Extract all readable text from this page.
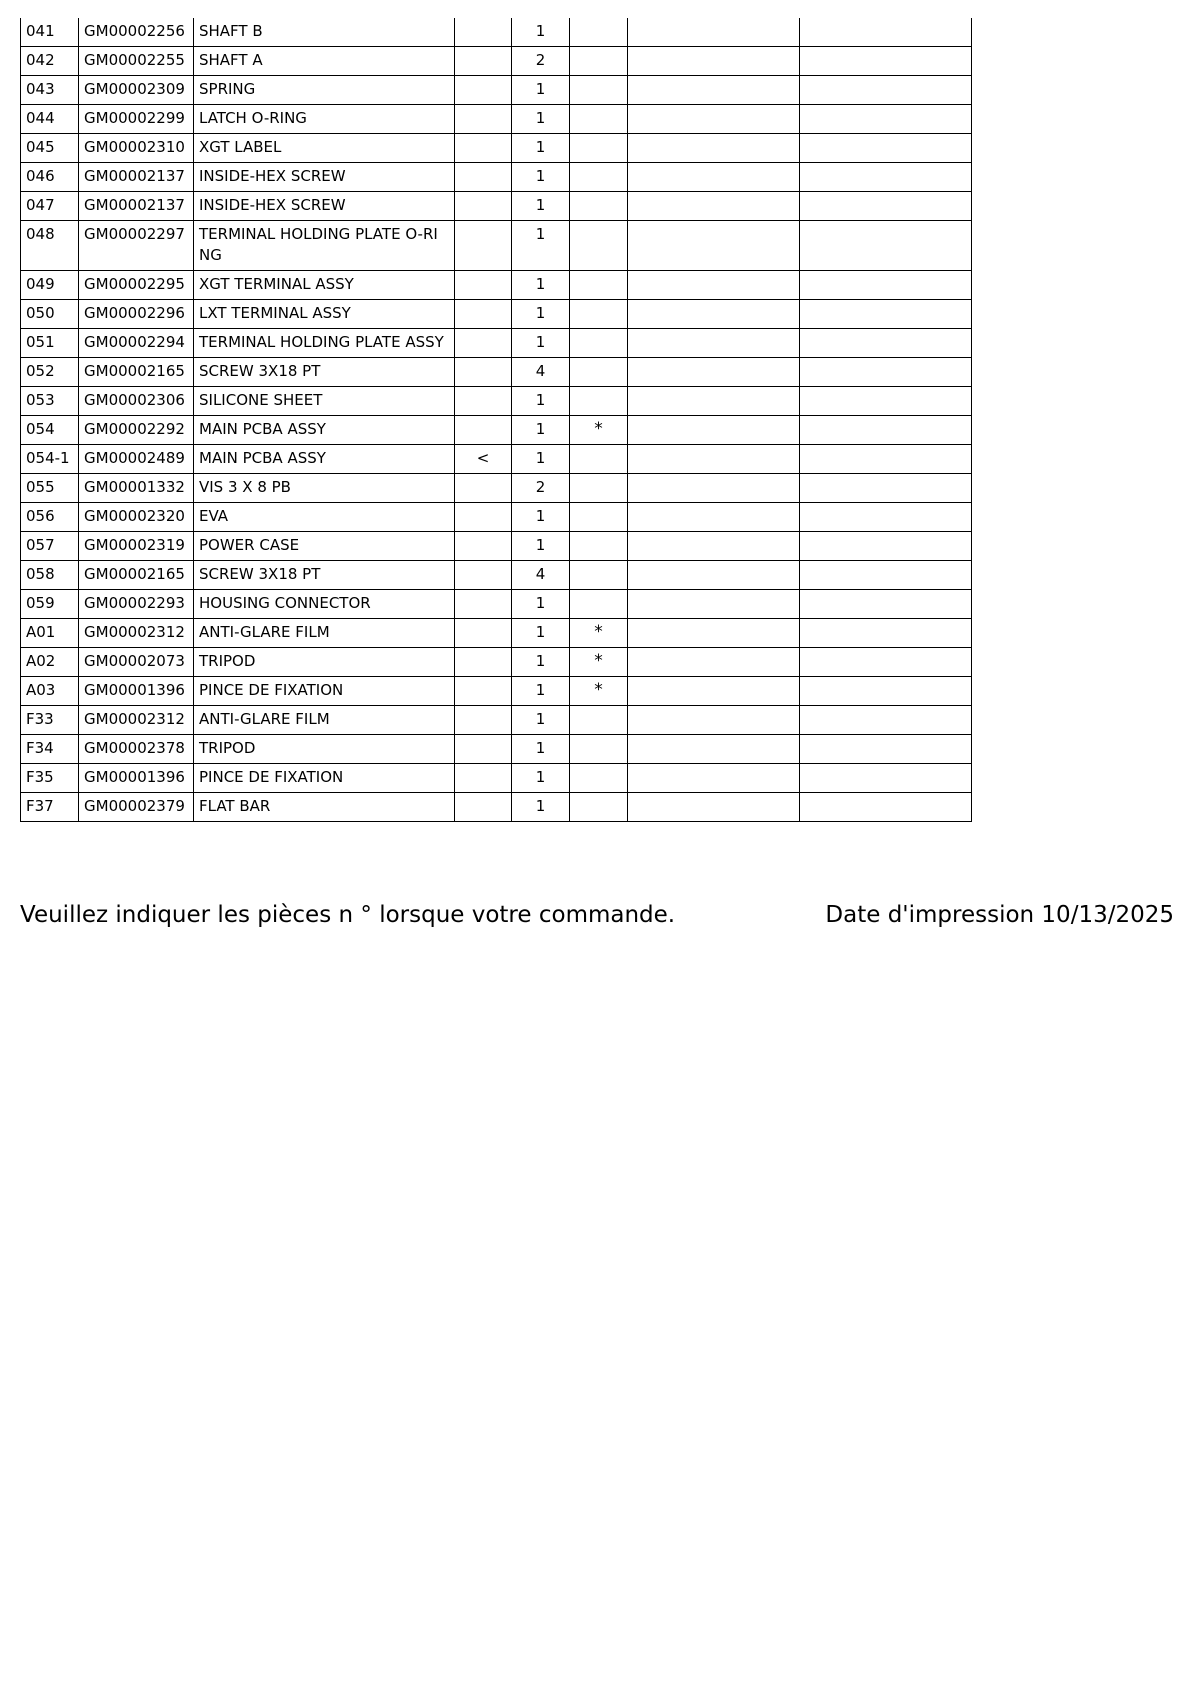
041	GM00002256	SHAFT B		1			
042	GM00002255	SHAFT A		2			
043	GM00002309	SPRING		1			
044	GM00002299	LATCH O-RING		1			
045	GM00002310	XGT LABEL		1			
046	GM00002137	INSIDE-HEX SCREW		1			
047	GM00002137	INSIDE-HEX SCREW		1			
048	GM00002297	TERMINAL HOLDING PLATE O-RING		1			
049	GM00002295	XGT TERMINAL ASSY		1			
050	GM00002296	LXT TERMINAL ASSY		1			
051	GM00002294	TERMINAL HOLDING PLATE ASSY		1			
052	GM00002165	SCREW 3X18 PT		4			
053	GM00002306	SILICONE SHEET		1			
054	GM00002292	MAIN PCBA ASSY		1	*		
054-1	GM00002489	MAIN PCBA ASSY	<	1			
055	GM00001332	VIS 3 X 8 PB		2			
056	GM00002320	EVA		1			
057	GM00002319	POWER CASE		1			
058	GM00002165	SCREW 3X18 PT		4			
059	GM00002293	HOUSING CONNECTOR		1			
A01	GM00002312	ANTI-GLARE FILM		1	*		
A02	GM00002073	TRIPOD		1	*		
A03	GM00001396	PINCE DE FIXATION		1	*		
F33	GM00002312	ANTI-GLARE FILM		1			
F34	GM00002378	TRIPOD		1			
F35	GM00001396	PINCE DE FIXATION		1			
F37	GM00002379	FLAT BAR		1			
Veuillez indiquer les pièces n ° lorsque votre commande.	Date d'impression 10/13/2025
